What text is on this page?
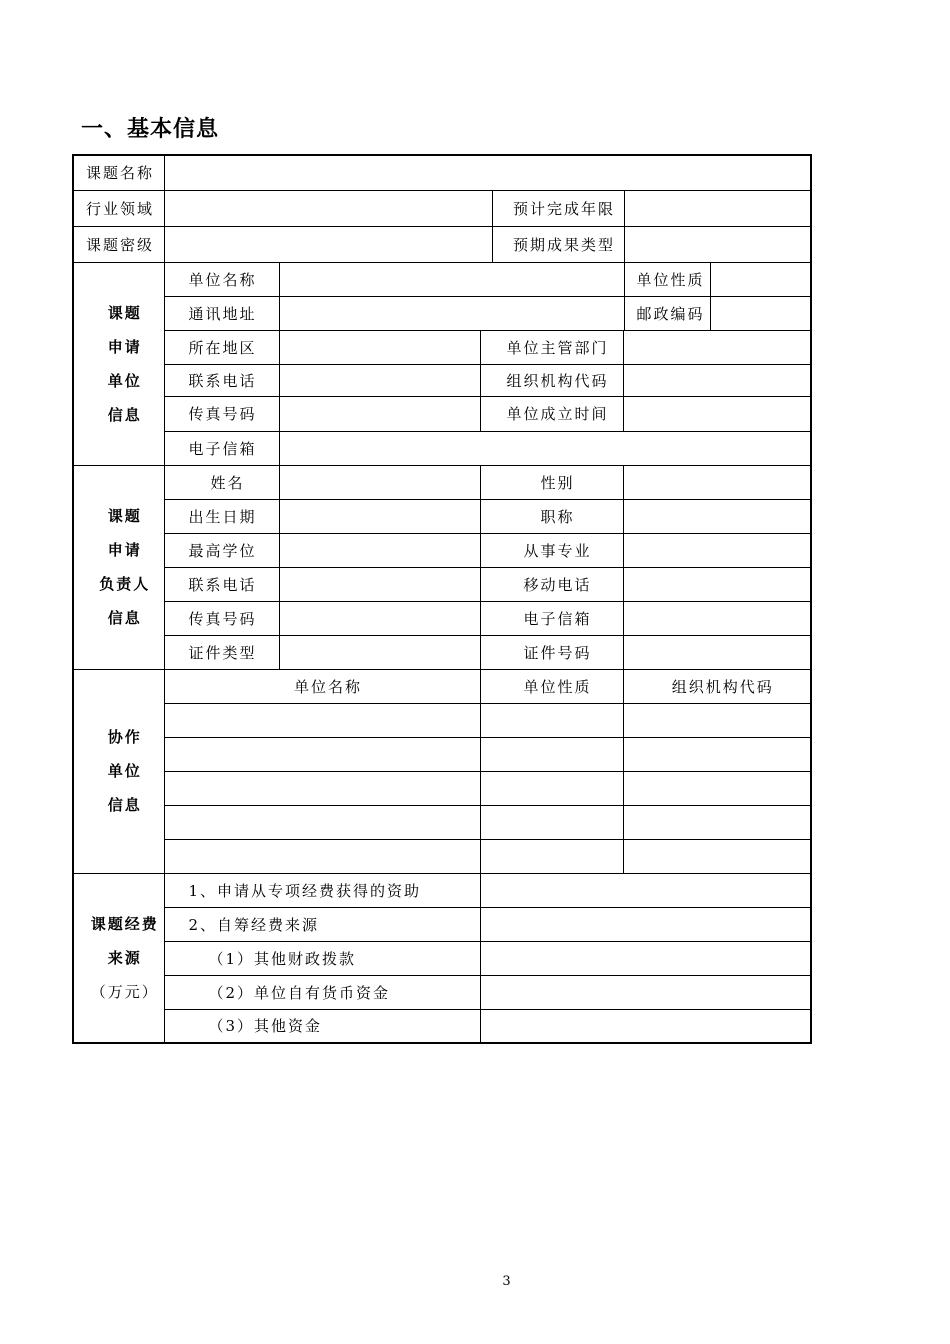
一、基本信息
课题名称						
行业领域				预计完成年限		
课题密级				预期成果类型		

课题
申请
单位
信息	单位名称				单位性质	
	通讯地址				邮政编码	
	所在地区		单位主管部门			
	联系电话		组织机构代码			
	传真号码		单位成立时间			
	电子信箱					

课题
申请
负责人
信息	姓名		性别			
	出生日期		职称			
	最高学位		从事专业			
	联系电话		移动电话			
	传真号码		电子信箱			
	证件类型		证件号码			

协作
单位
信息	单位名称		单位性质		组织机构代码	

课题经费
来源
（万元）	1、申请从专项经费获得的资助					
	2、自筹经费来源					
	（1）其他财政拨款					
	（2）单位自有货币资金					
	（3）其他资金					
3
